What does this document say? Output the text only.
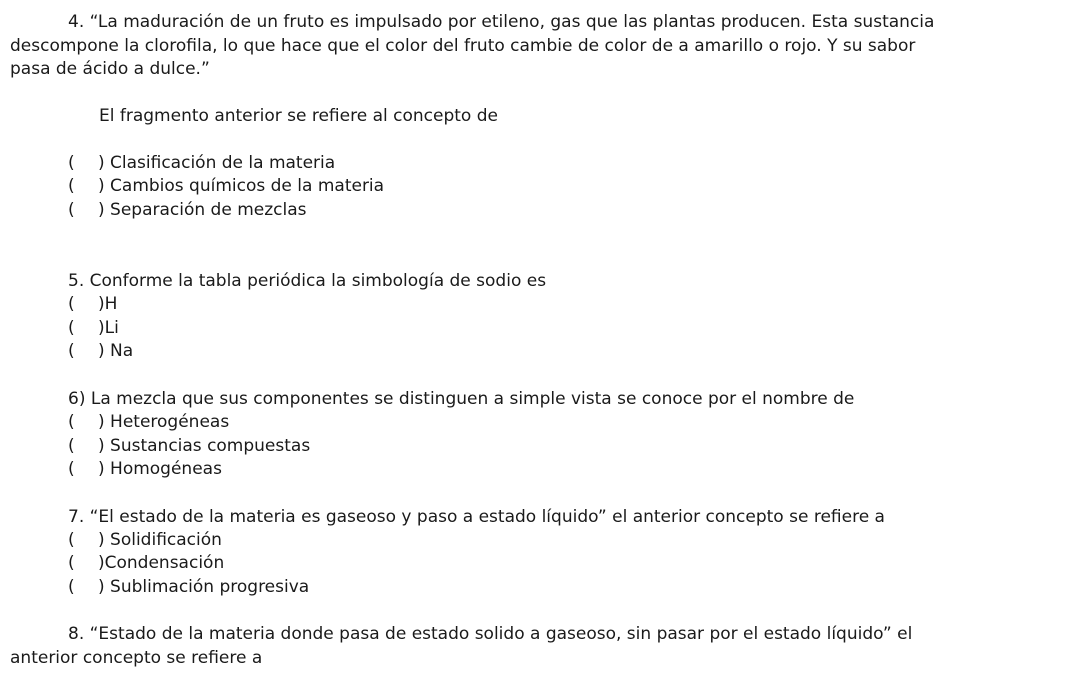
4. “La maduración de un fruto es impulsado por etileno, gas que las plantas producen. Esta sustancia
descompone la clorofila, lo que hace que el color del fruto cambie de color de a amarillo o rojo. Y su sabor
pasa de ácido a dulce.”
El fragmento anterior se refiere al concepto de
( ) Clasificación de la materia
( ) Cambios químicos de la materia
( ) Separación de mezclas
5. Conforme la tabla periódica la simbología de sodio es
( )H
( )Li
( ) Na
6) La mezcla que sus componentes se distinguen a simple vista se conoce por el nombre de
( ) Heterogéneas
( ) Sustancias compuestas
( ) Homogéneas
7. “El estado de la materia es gaseoso y paso a estado líquido” el anterior concepto se refiere a
( ) Solidificación
( )Condensación
( ) Sublimación progresiva
8. “Estado de la materia donde pasa de estado solido a gaseoso, sin pasar por el estado líquido” el
anterior concepto se refiere a
